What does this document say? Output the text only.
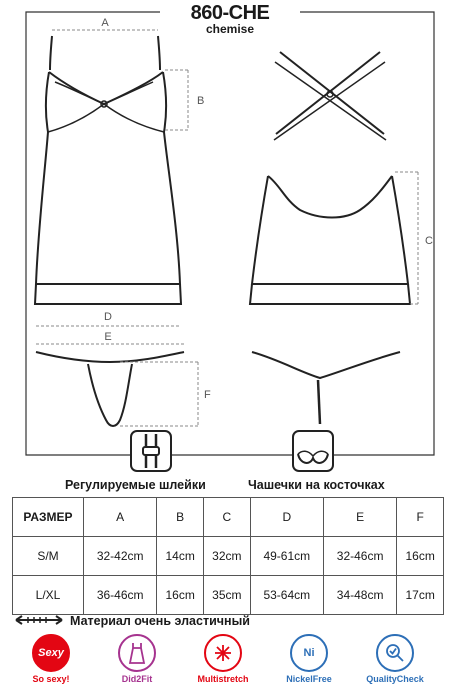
860-CHE
chemise
A
B
C
D
E
F
Регулируемые шлейки	Чашечки на косточках
РАЗМЕР	A	B	C	D	E	F
S/M	32-42cm	14cm	32cm	49-61cm	32-46cm	16cm
L/XL	36-46cm	16cm	35cm	53-64cm	34-48cm	17cm
Материал очень эластичный
Sexy
So sexy!	Did2Fit	Multistretch
Ni
NickelFree	QualityCheck
